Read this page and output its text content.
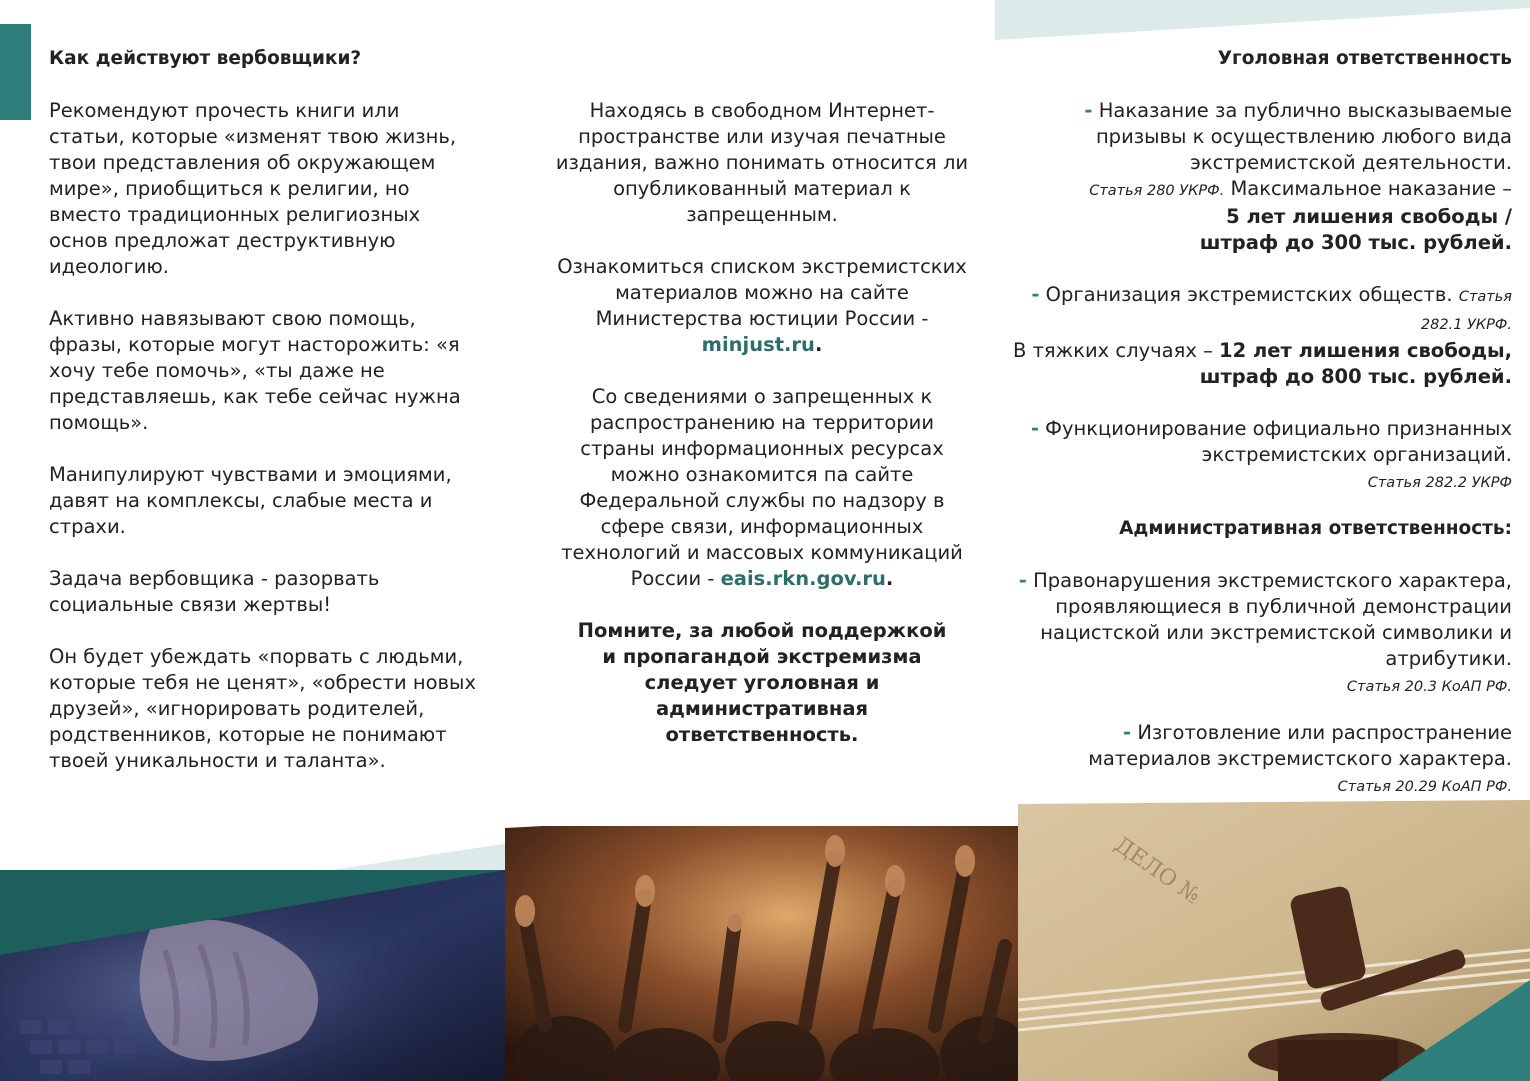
ДЕЛО №

Как действуют вербовщики?

Рекомендуют прочесть книги или статьи, которые «изменят твою жизнь, твои представления об окружающем мире», приобщиться к религии, но вместо традиционных религиозных основ предложат деструктивную идеологию.

Активно навязывают свою помощь, фразы, которые могут насторожить: «я хочу тебе помочь», «ты даже не представляешь, как тебе сейчас нужна помощь».

Манипулируют чувствами и эмоциями, давят на комплексы, слабые места и страхи.

Задача вербовщика - разорвать социальные связи жертвы!

Он будет убеждать «порвать с людьми, которые тебя не ценят», «обрести новых друзей», «игнорировать родителей, родственников, которые не понимают твоей уникальности и таланта».

Находясь в свободном Интернет-пространстве или изучая печатные издания, важно понимать относится ли опубликованный материал к запрещенным.

Ознакомиться списком экстремистских материалов можно на сайте Министерства юстиции России - minjust.ru.

Со сведениями о запрещенных к распространению на территории страны информационных ресурсах можно ознакомится па сайте Федеральной службы по надзору в сфере связи, информационных технологий и массовых коммуникаций России - eais.rkn.gov.ru.

Помните, за любой поддержкой и пропагандой экстремизма следует уголовная и административная ответственность.

Уголовная ответственность

- Наказание за публично высказываемые призывы к осуществлению любого вида экстремистской деятельности.
Статья 280 УКРФ. Максимальное наказание –
5 лет лишения свободы /
штраф до 300 тыс. рублей.

- Организация экстремистских обществ. Статья 282.1 УКРФ.
В тяжких случаях – 12 лет лишения свободы,
штраф до 800 тыс. рублей.

- Функционирование официально признанных экстремистских организаций.
Статья 282.2 УКРФ

Административная ответственность:

- Правонарушения экстремистского характера, проявляющиеся в публичной демонстрации нацистской или экстремистской символики и атрибутики.
Статья 20.3 КоАП РФ.

- Изготовление или распространение материалов экстремистского характера.
Статья 20.29 КоАП РФ.
